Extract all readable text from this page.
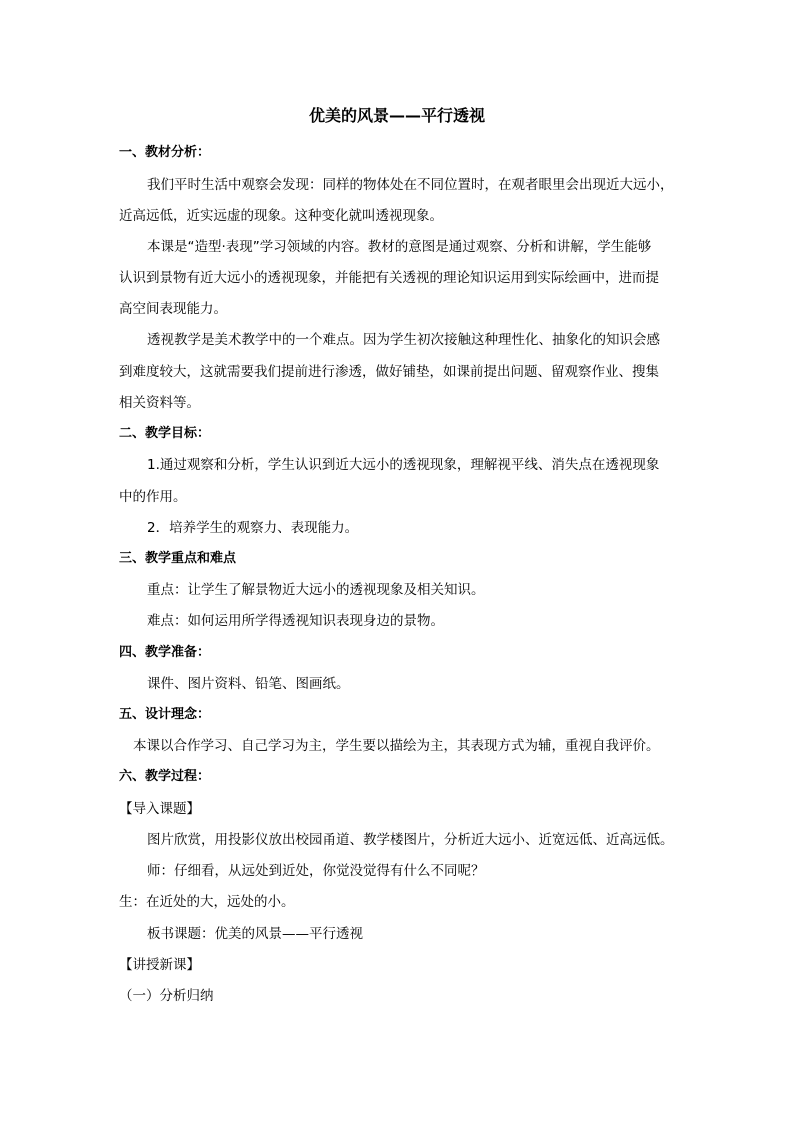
优美的风景——平行透视
一、教材分析：
我们平时生活中观察会发现：同样的物体处在不同位置时，在观者眼里会出现近大远小，
近高远低，近实远虚的现象。这种变化就叫透视现象。
本课是“造型·表现”学习领域的内容。教材的意图是通过观察、分析和讲解，学生能够
认识到景物有近大远小的透视现象，并能把有关透视的理论知识运用到实际绘画中，进而提
高空间表现能力。
透视教学是美术教学中的一个难点。因为学生初次接触这种理性化、抽象化的知识会感
到难度较大，这就需要我们提前进行渗透，做好铺垫，如课前提出问题、留观察作业、搜集
相关资料等。
二、教学目标：
1.通过观察和分析，学生认识到近大远小的透视现象，理解视平线、消失点在透视现象
中的作用。
2．培养学生的观察力、表现能力。
三、教学重点和难点
重点：让学生了解景物近大远小的透视现象及相关知识。
难点：如何运用所学得透视知识表现身边的景物。
四、教学准备：
课件、图片资料、铅笔、图画纸。
五、设计理念：
本课以合作学习、自己学习为主，学生要以描绘为主，其表现方式为辅，重视自我评价。
六、教学过程：
【导入课题】
图片欣赏，用投影仪放出校园甬道、教学楼图片，分析近大远小、近宽远低、近高远低。
师：仔细看，从远处到近处，你觉没觉得有什么不同呢？
生：在近处的大，远处的小。
板书课题：优美的风景——平行透视
【讲授新课】
（一）分析归纳
